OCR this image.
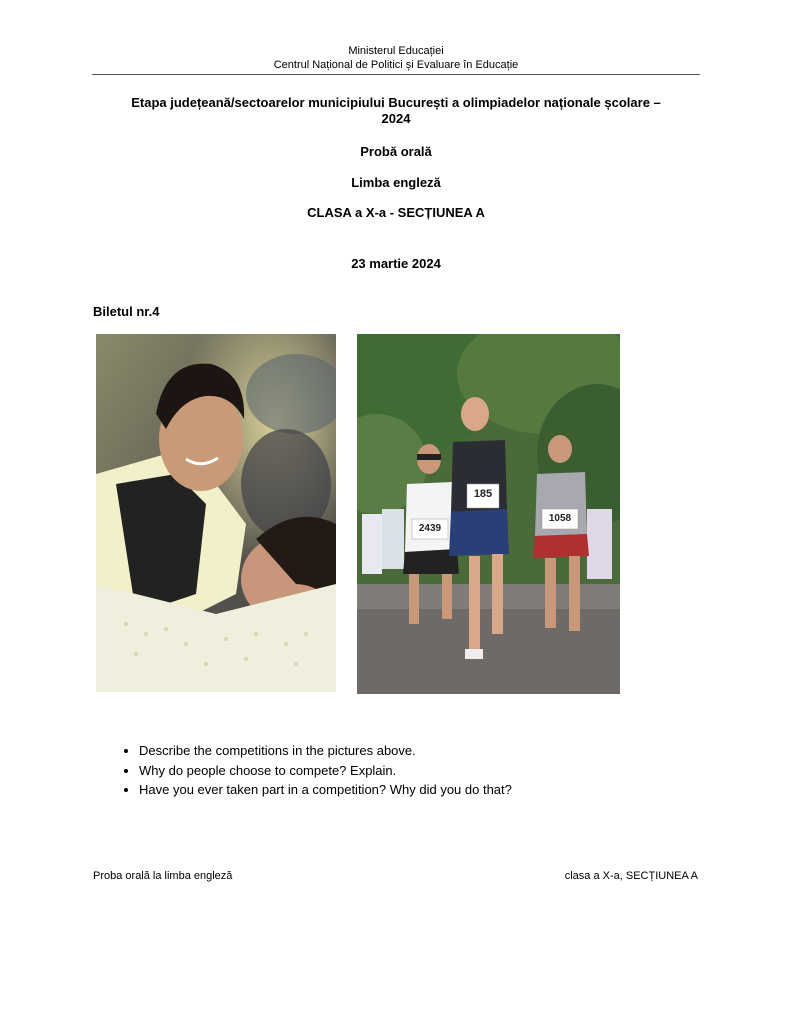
Ministerul Educației
Centrul Național de Politici și Evaluare în Educație
Etapa județeană/sectoarelor municipiului București a olimpiadelor naționale școlare –
2024
Probă orală
Limba engleză
CLASA a X-a - SECȚIUNEA A
23 martie 2024
Biletul nr.4
185
2439
1058
• Describe the competitions in the pictures above.
• Why do people choose to compete? Explain.
• Have you ever taken part in a competition? Why did you do that?
Proba orală la limba engleză	clasa a X-a, SECȚIUNEA A
